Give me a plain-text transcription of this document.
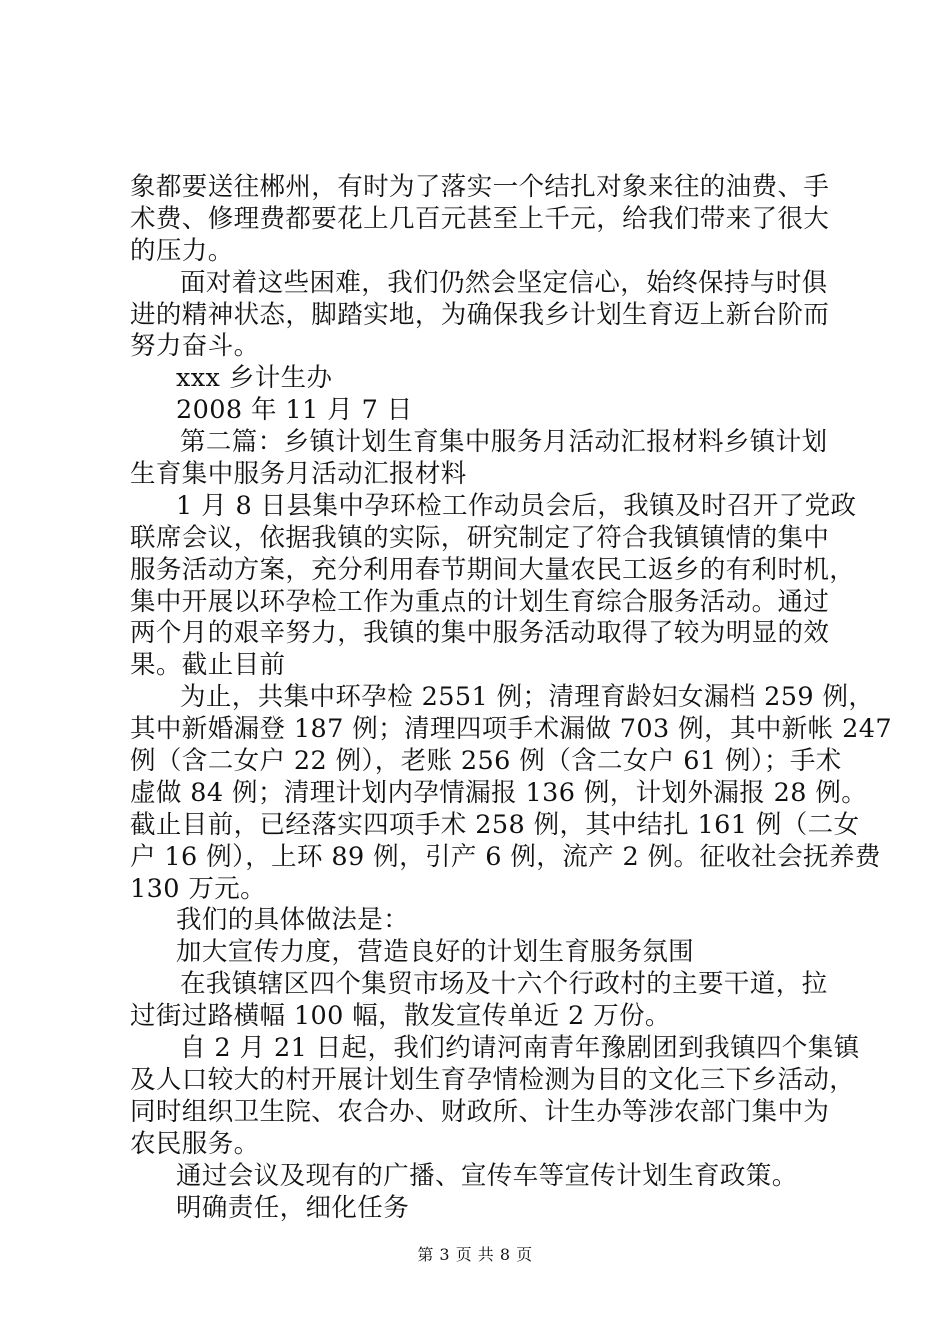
象都要送往郴州，有时为了落实一个结扎对象来往的油费、手
术费、修理费都要花上几百元甚至上千元，给我们带来了很大
的压力。
面对着这些困难，我们仍然会坚定信心，始终保持与时俱
进的精神状态，脚踏实地，为确保我乡计划生育迈上新台阶而
努力奋斗。
xxx 乡计生办
2008 年 11 月 7 日
第二篇：乡镇计划生育集中服务月活动汇报材料乡镇计划
生育集中服务月活动汇报材料
1 月 8 日县集中孕环检工作动员会后，我镇及时召开了党政
联席会议，依据我镇的实际，研究制定了符合我镇镇情的集中
服务活动方案，充分利用春节期间大量农民工返乡的有利时机，
集中开展以环孕检工作为重点的计划生育综合服务活动。通过
两个月的艰辛努力，我镇的集中服务活动取得了较为明显的效
果。截止目前
为止，共集中环孕检 2551 例；清理育龄妇女漏档 259 例，
其中新婚漏登 187 例；清理四项手术漏做 703 例，其中新帐 247
例（含二女户 22 例），老账 256 例（含二女户 61 例）；手术
虚做 84 例；清理计划内孕情漏报 136 例，计划外漏报 28 例。
截止目前，已经落实四项手术 258 例，其中结扎 161 例（二女
户 16 例），上环 89 例，引产 6 例，流产 2 例。征收社会抚养费
130 万元。
我们的具体做法是：
加大宣传力度，营造良好的计划生育服务氛围
在我镇辖区四个集贸市场及十六个行政村的主要干道，拉
过街过路横幅 100 幅，散发宣传单近 2 万份。
自 2 月 21 日起，我们约请河南青年豫剧团到我镇四个集镇
及人口较大的村开展计划生育孕情检测为目的文化三下乡活动，
同时组织卫生院、农合办、财政所、计生办等涉农部门集中为
农民服务。
通过会议及现有的广播、宣传车等宣传计划生育政策。
明确责任，细化任务
第 3 页 共 8 页
